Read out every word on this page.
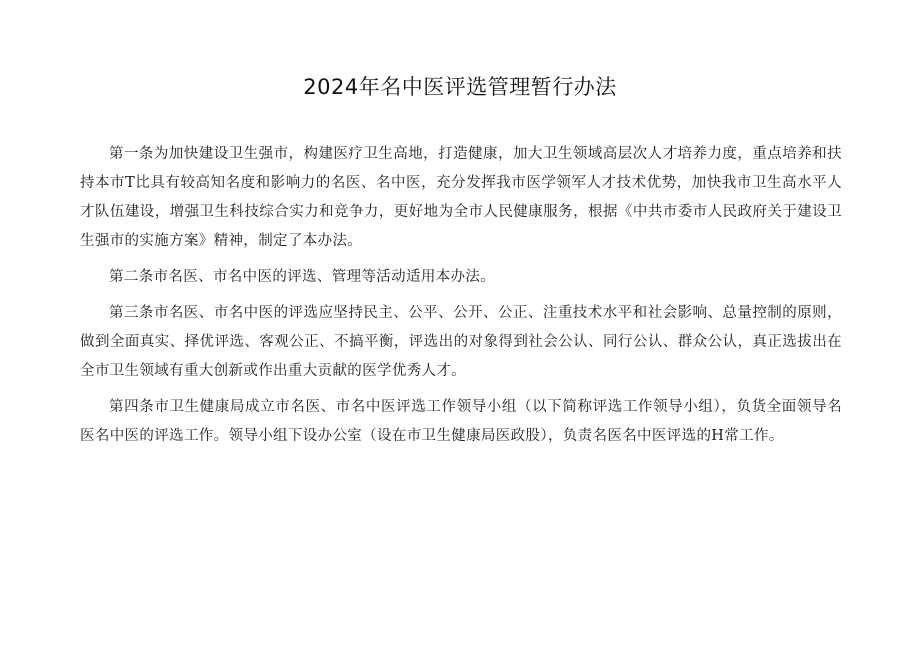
2024年名中医评选管理暂行办法

第一条为加快建设卫生强市，构建医疗卫生高地，打造健康，加大卫生领域高层次人才培养力度，重点培养和扶持本市T比具有较高知名度和影响力的名医、名中医，充分发挥我市医学领军人才技术优势，加快我市卫生高水平人才队伍建设，增强卫生科技综合实力和竞争力，更好地为全市人民健康服务，根据《中共市委市人民政府关于建设卫生强市的实施方案》精神，制定了本办法。

第二条市名医、市名中医的评选、管理等活动适用本办法。

第三条市名医、市名中医的评选应坚持民主、公平、公开、公正、注重技术水平和社会影响、总量控制的原则，做到全面真实、择优评选、客观公正、不搞平衡，评选出的对象得到社会公认、同行公认、群众公认，真正选拔出在全市卫生领域有重大创新或作出重大贡献的医学优秀人才。

第四条市卫生健康局成立市名医、市名中医评选工作领导小组（以下简称评选工作领导小组），负货全面领导名医名中医的评选工作。领导小组下设办公室（设在市卫生健康局医政股），负责名医名中医评选的H常工作。
